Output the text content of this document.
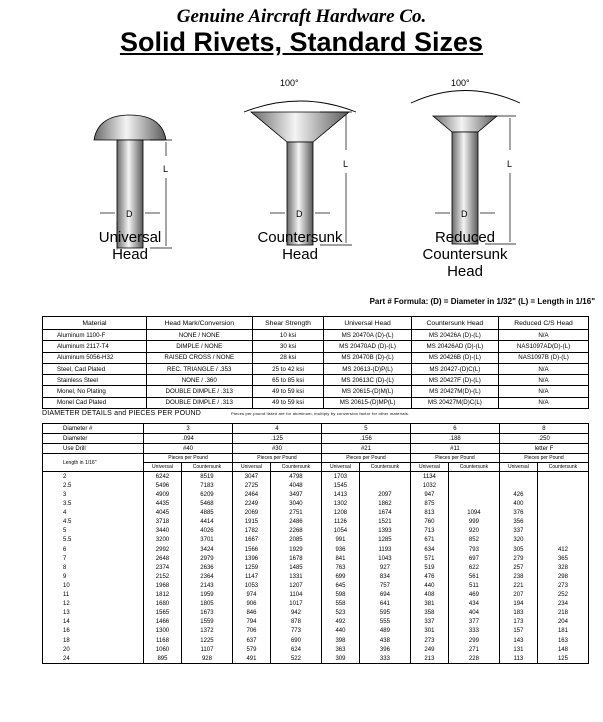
Genuine Aircraft Hardware Co.
Solid Rivets, Standard Sizes
L
D
100°
L
D
100°
L
D
Universal
Head
Countersunk
Head
Reduced
Countersunk
Head
Part # Formula: (D) = Diameter in 1/32" (L) = Length in 1/16"
Material	Head Mark/Conversion	Shear Strength	Universal Head	Countersunk Head	Reduced C/S Head
Aluminum 1100-F	NONE / NONE	10 ksi	MS 20470A (D)-(L)	MS 20426A (D)-(L)	N/A
Aluminum 2117-T4	DIMPLE / NONE	30 ksi	MS 20470AD (D)-(L)	MS 20426AD (D)-(L)	NAS1097AD(D)-(L)
Aluminum 5056-H32	RAISED CROSS / NONE	28 ksi	MS 20470B (D)-(L)	MS 20426B (D)-(L)	NAS1097B (D)-(L)
Steel, Cad Plated	REC. TRIANGLE / .353	25 to 42 ksi	MS 20613-(D)P(L)	MS 20427-(D)C(L)	N/A
Stainless Steel	NONE / .360	65 to 85 ksi	MS 20613C (D)-(L)	MS 20427F (D)-(L)	N/A
Monel, No Plating	DOUBLE DIMPLE / .313	49 to 59 ksi	MS 20615-(D)M(L)	MS 20427M(D)-(L)	N/A
Monel Cad Plated	DOUBLE DIMPLE / .313	49 to 59 ksi	MS 20615-(D)MP(L)	MS 20427M(D)C(L)	N/A
DIAMETER DETAILS and PIECES PER POUND	Pieces per pound listed are for aluminum, multiply by conversion factor for other materials.
Diameter #	3		4		5		6		8	
Diameter	.094		.125		.156		.188		.250	
Use Drill	#40		#30		#21		#11		letter F	
Length in 1/16"	Pieces per Pound		Pieces per Pound		Pieces per Pound		Pieces per Pound		Pieces per Pound	
	Universal	Countersunk	Universal	Countersunk	Universal	Countersunk	Universal	Countersunk	Universal	Countersunk
2	6242	8519	3047	4798	1703		1134			
2.5	5496	7183	2725	4048	1545		1032			
3	4909	6209	2464	3497	1413	2097	947		426	
3.5	4435	5468	2249	3040	1302	1862	875		400	
4	4045	4885	2069	2751	1208	1674	813	1094	376	
4.5	3718	4414	1915	2486	1126	1521	760	999	356	
5	3440	4026	1782	2268	1054	1393	713	920	337	
5.5	3200	3701	1667	2085	991	1285	671	852	320	
6	2992	3424	1566	1929	936	1193	634	793	305	412
7	2648	2979	1396	1678	841	1043	571	697	279	365
8	2374	2636	1259	1485	763	927	519	622	257	328
9	2152	2364	1147	1331	699	834	476	561	238	298
10	1968	2143	1053	1207	645	757	440	511	221	273
11	1812	1959	974	1104	598	694	408	469	207	252
12	1680	1805	906	1017	558	641	381	434	194	234
13	1565	1673	846	942	523	595	358	404	183	218
14	1466	1559	794	878	492	555	337	377	173	204
16	1300	1372	706	773	440	489	301	333	157	181
18	1168	1225	637	690	398	438	273	299	143	163
20	1060	1107	579	624	363	396	249	271	131	148
24	895	928	491	522	309	333	213	228	113	125
